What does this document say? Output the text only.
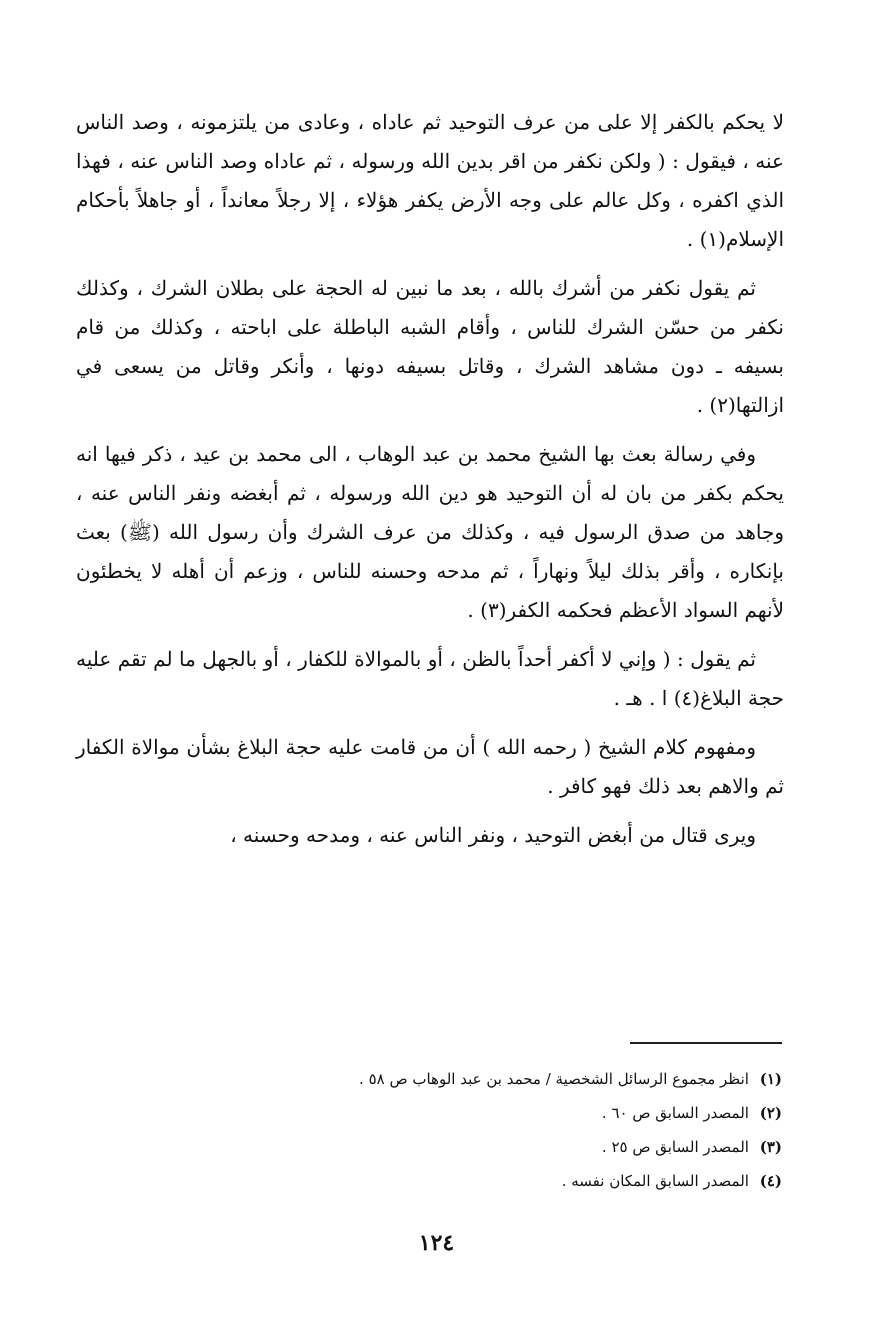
لا يحكم بالكفر إلا على من عرف التوحيد ثم عاداه ، وعادى من يلتزمونه ، وصد الناس عنه ، فيقول : ( ولكن نكفر من اقر بدين الله ورسوله ، ثم عاداه وصد الناس عنه ، فهذا الذي اكفره ، وكل عالم على وجه الأرض يكفر هؤلاء ، إلا رجلاً معانداً ، أو جاهلاً بأحكام الإسلام(١) .

ثم يقول نكفر من أشرك بالله ، بعد ما نبين له الحجة على بطلان الشرك ، وكذلك نكفر من حسّن الشرك للناس ، وأقام الشبه الباطلة على اباحته ، وكذلك من قام بسيفه ـ دون مشاهد الشرك ، وقاتل بسيفه دونها ، وأنكر وقاتل من يسعى في ازالتها(٢) .

وفي رسالة بعث بها الشيخ محمد بن عبد الوهاب ، الى محمد بن عيد ، ذكر فيها انه يحكم بكفر من بان له أن التوحيد هو دين الله ورسوله ، ثم أبغضه ونفر الناس عنه ، وجاهد من صدق الرسول فيه ، وكذلك من عرف الشرك وأن رسول الله (ﷺ) بعث بإنكاره ، وأقر بذلك ليلاً ونهاراً ، ثم مدحه وحسنه للناس ، وزعم أن أهله لا يخطئون لأنهم السواد الأعظم فحكمه الكفر(٣) .

ثم يقول : ( وإني لا أكفر أحداً بالظن ، أو بالموالاة للكفار ، أو بالجهل ما لم تقم عليه حجة البلاغ(٤) ا . هـ .

ومفهوم كلام الشيخ ( رحمه الله ) أن من قامت عليه حجة البلاغ بشأن موالاة الكفار ثم والاهم بعد ذلك فهو كافر .

ويرى قتال من أبغض التوحيد ، ونفر الناس عنه ، ومدحه وحسنه ،

(١) انظر مجموع الرسائل الشخصية / محمد بن عبد الوهاب ص ٥٨ .

(٢) المصدر السابق ص ٦٠ .

(٣) المصدر السابق ص ٢٥ .

(٤) المصدر السابق المكان نفسه .

١٢٤
